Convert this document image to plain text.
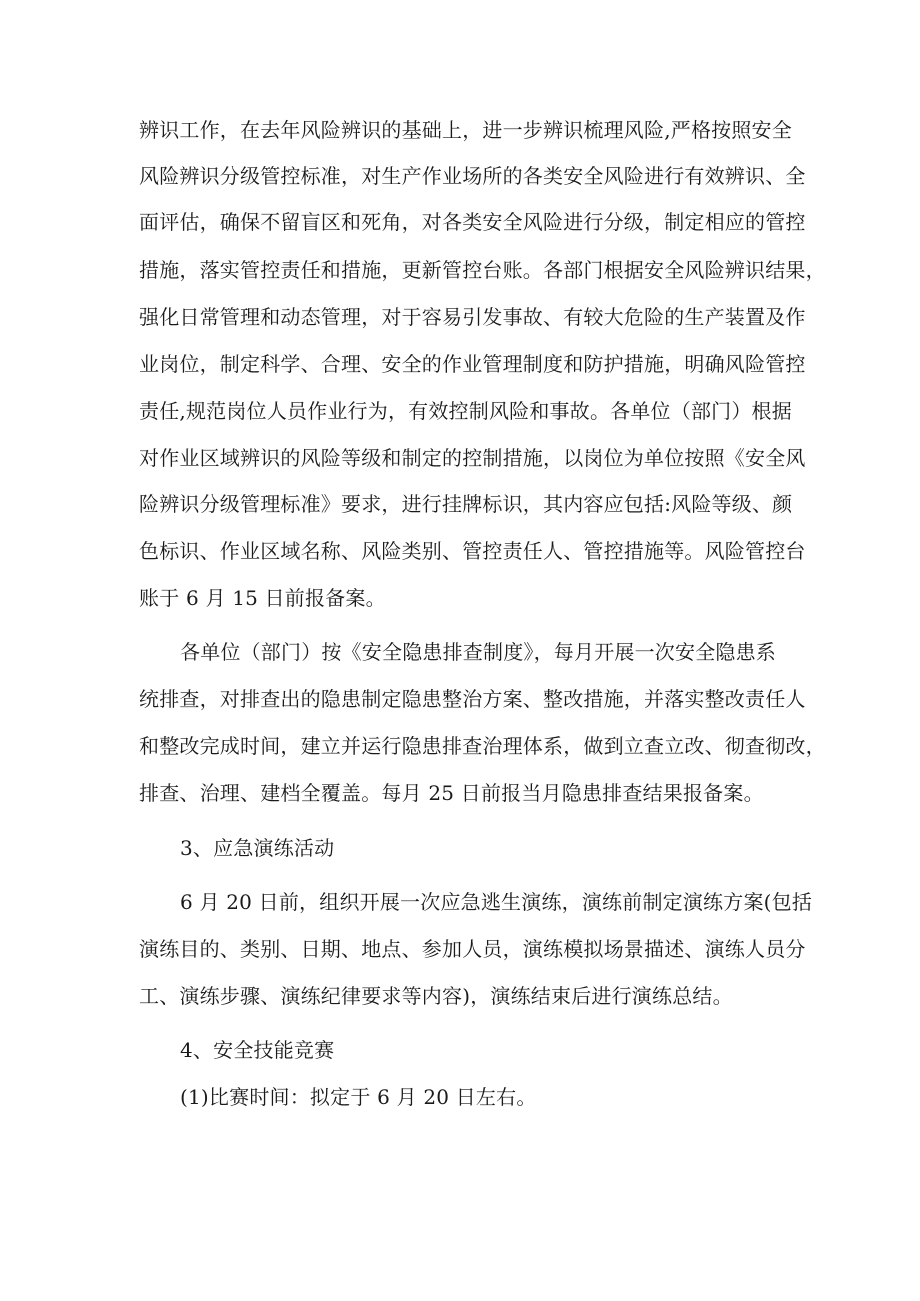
辨识工作，在去年风险辨识的基础上，进一步辨识梳理风险,严格按照安全
风险辨识分级管控标准，对生产作业场所的各类安全风险进行有效辨识、全
面评估，确保不留盲区和死角，对各类安全风险进行分级，制定相应的管控
措施，落实管控责任和措施，更新管控台账。各部门根据安全风险辨识结果，
强化日常管理和动态管理，对于容易引发事故、有较大危险的生产装置及作
业岗位，制定科学、合理、安全的作业管理制度和防护措施，明确风险管控
责任,规范岗位人员作业行为，有效控制风险和事故。各单位（部门）根据
对作业区域辨识的风险等级和制定的控制措施，以岗位为单位按照《安全风
险辨识分级管理标准》要求，进行挂牌标识，其内容应包括:风险等级、颜
色标识、作业区域名称、风险类别、管控责任人、管控措施等。风险管控台
账于 6 月 15 日前报备案。
各单位（部门）按《安全隐患排查制度》，每月开展一次安全隐患系
统排查，对排查出的隐患制定隐患整治方案、整改措施，并落实整改责任人
和整改完成时间，建立并运行隐患排查治理体系，做到立查立改、彻查彻改，
排查、治理、建档全覆盖。每月 25 日前报当月隐患排查结果报备案。
3、应急演练活动
6 月 20 日前，组织开展一次应急逃生演练，演练前制定演练方案(包括
演练目的、类别、日期、地点、参加人员，演练模拟场景描述、演练人员分
工、演练步骤、演练纪律要求等内容)，演练结束后进行演练总结。
4、安全技能竞赛
(1)比赛时间：拟定于 6 月 20 日左右。
